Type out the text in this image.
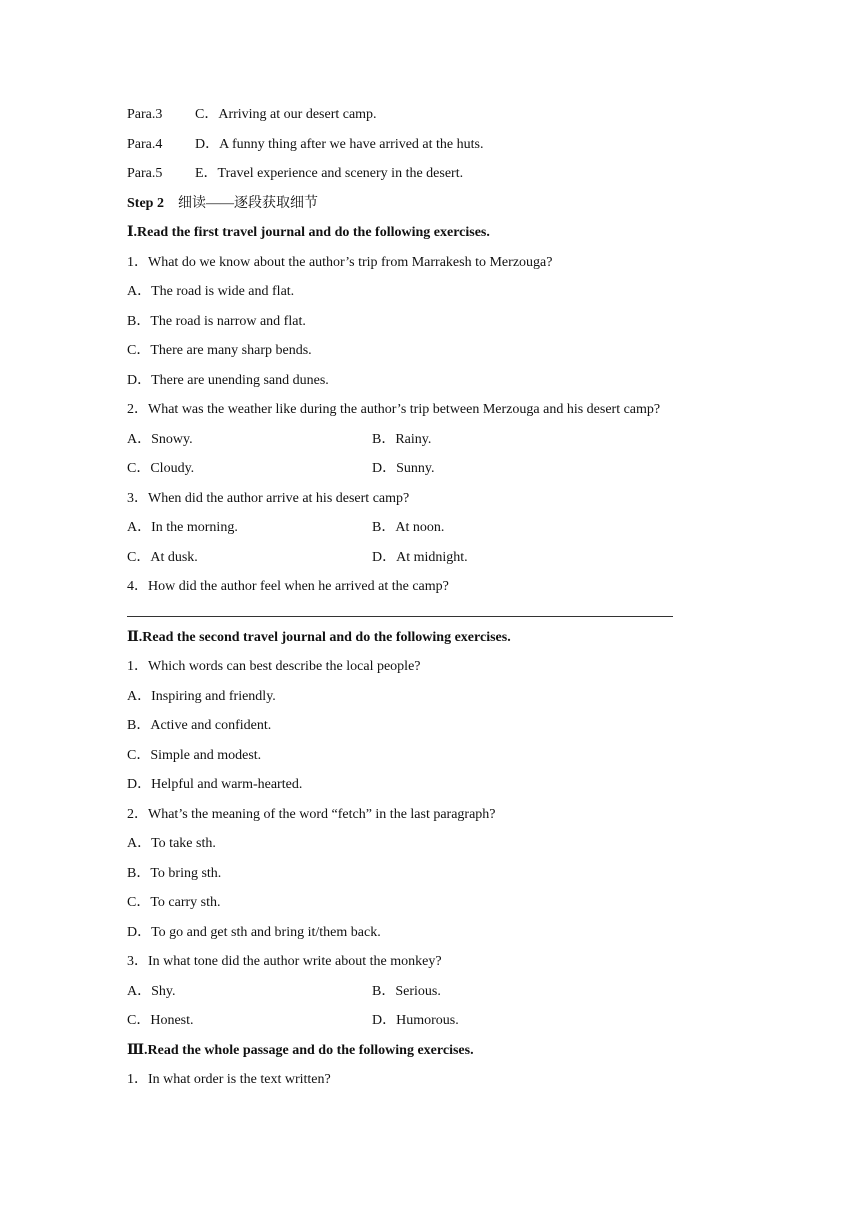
Para.3 C．Arriving at our desert camp.
Para.4 D．A funny thing after we have arrived at the huts.
Para.5 E．Travel experience and scenery in the desert.
Step 2 细读——逐段获取细节
Ⅰ.Read the first travel journal and do the following exercises.
1．What do we know about the author’s trip from Marrakesh to Merzouga?
A．The road is wide and flat.
B．The road is narrow and flat.
C．There are many sharp bends.
D．There are unending sand dunes.
2．What was the weather like during the author’s trip between Merzouga and his desert camp?
A．Snowy.	B．Rainy.
C．Cloudy.	D．Sunny.
3．When did the author arrive at his desert camp?
A．In the morning.	B．At noon.
C．At dusk.	D．At midnight.
4．How did the author feel when he arrived at the camp?
Ⅱ.Read the second travel journal and do the following exercises.
1．Which words can best describe the local people?
A．Inspiring and friendly.
B．Active and confident.
C．Simple and modest.
D．Helpful and warm-hearted.
2．What’s the meaning of the word “fetch” in the last paragraph?
A．To take sth.
B．To bring sth.
C．To carry sth.
D．To go and get sth and bring it/them back.
3．In what tone did the author write about the monkey?
A．Shy.	B．Serious.
C．Honest.	D．Humorous.
Ⅲ.Read the whole passage and do the following exercises.
1．In what order is the text written?
